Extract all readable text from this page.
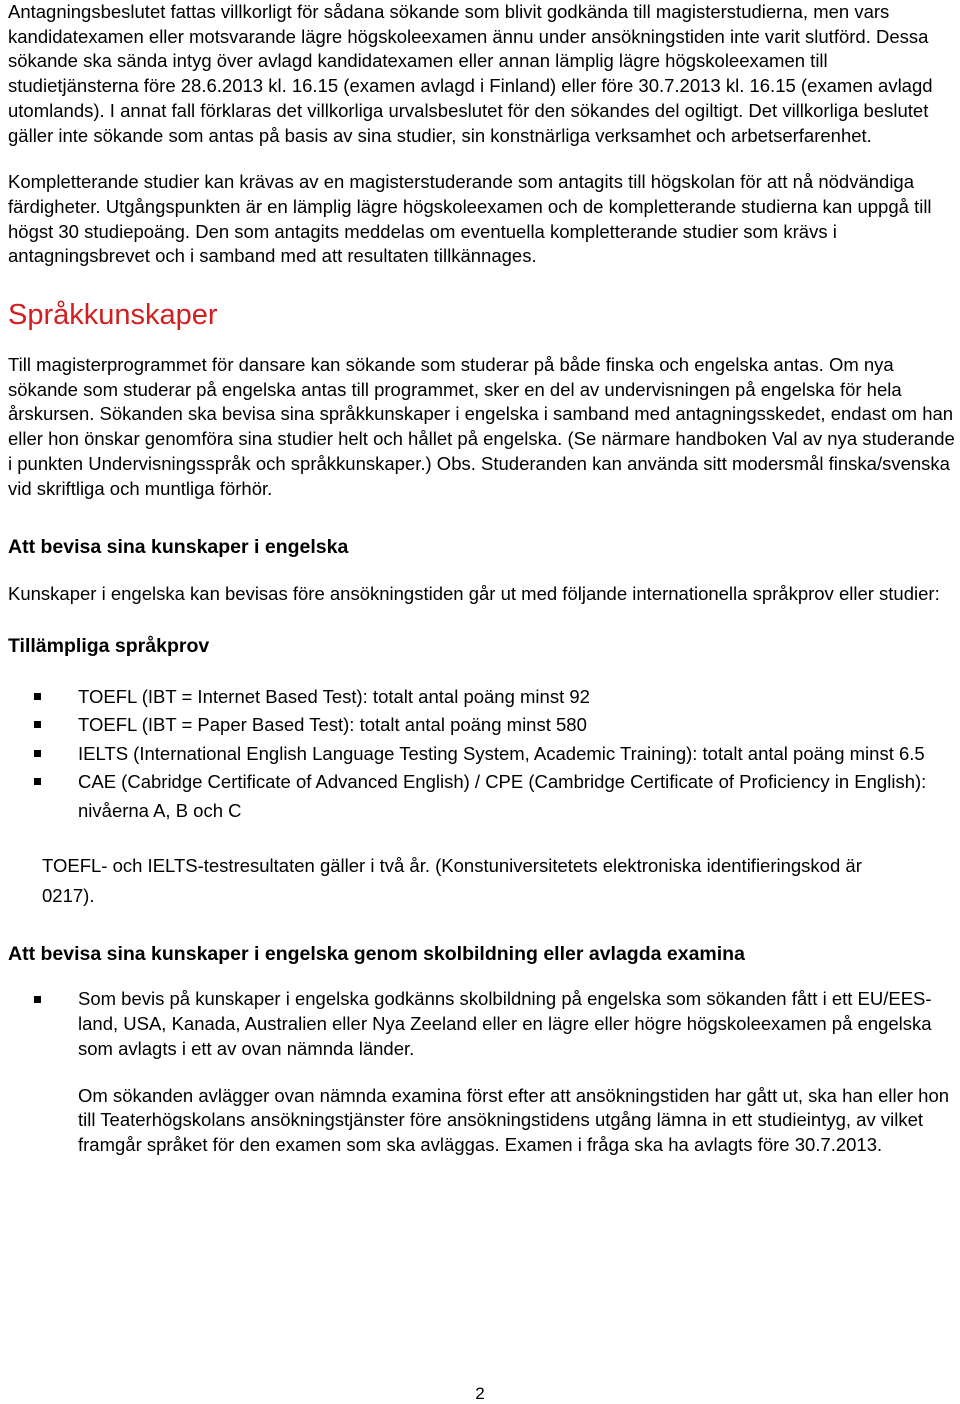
Antagningsbeslutet fattas villkorligt för sådana sökande som blivit godkända till magisterstudierna, men vars kandidatexamen eller motsvarande lägre högskoleexamen ännu under ansökningstiden inte varit slutförd. Dessa sökande ska sända intyg över avlagd kandidatexamen eller annan lämplig lägre högskoleexamen till studietjänsterna före 28.6.2013 kl. 16.15 (examen avlagd i Finland) eller före 30.7.2013 kl. 16.15 (examen avlagd utomlands). I annat fall förklaras det villkorliga urvalsbeslutet för den sökandes del ogiltigt. Det villkorliga beslutet gäller inte sökande som antas på basis av sina studier, sin konstnärliga verksamhet och arbetserfarenhet.

Kompletterande studier kan krävas av en magisterstuderande som antagits till högskolan för att nå nödvändiga färdigheter. Utgångspunkten är en lämplig lägre högskoleexamen och de kompletterande studierna kan uppgå till högst 30 studiepoäng. Den som antagits meddelas om eventuella kompletterande studier som krävs i antagningsbrevet och i samband med att resultaten tillkännages.

Språkkunskaper

Till magisterprogrammet för dansare kan sökande som studerar på både finska och engelska antas. Om nya sökande som studerar på engelska antas till programmet, sker en del av undervisningen på engelska för hela årskursen. Sökanden ska bevisa sina språkkunskaper i engelska i samband med antagningsskedet, endast om han eller hon önskar genomföra sina studier helt och hållet på engelska. (Se närmare handboken Val av nya studerande i punkten Undervisningsspråk och språkkunskaper.) Obs. Studeranden kan använda sitt modersmål finska/svenska vid skriftliga och muntliga förhör.

Att bevisa sina kunskaper i engelska

Kunskaper i engelska kan bevisas före ansökningstiden går ut med följande internationella språkprov eller studier:

Tillämpliga språkprov
TOEFL (IBT = Internet Based Test): totalt antal poäng minst 92
TOEFL (IBT = Paper Based Test): totalt antal poäng minst 580
IELTS (International English Language Testing System, Academic Training): totalt antal poäng minst 6.5
CAE (Cabridge Certificate of Advanced English) / CPE (Cambridge Certificate of Proficiency in English): nivåerna A, B och C

TOEFL- och IELTS-testresultaten gäller i två år. (Konstuniversitetets elektroniska identifieringskod är 0217).

Att bevisa sina kunskaper i engelska genom skolbildning eller avlagda examina
Som bevis på kunskaper i engelska godkänns skolbildning på engelska som sökanden fått i ett EU/EES-land, USA, Kanada, Australien eller Nya Zeeland eller en lägre eller högre högskoleexamen på engelska som avlagts i ett av ovan nämnda länder.

Om sökanden avlägger ovan nämnda examina först efter att ansökningstiden har gått ut, ska han eller hon till Teaterhögskolans ansökningstjänster före ansökningstidens utgång lämna in ett studieintyg, av vilket framgår språket för den examen som ska avläggas. Examen i fråga ska ha avlagts före 30.7.2013.

2
